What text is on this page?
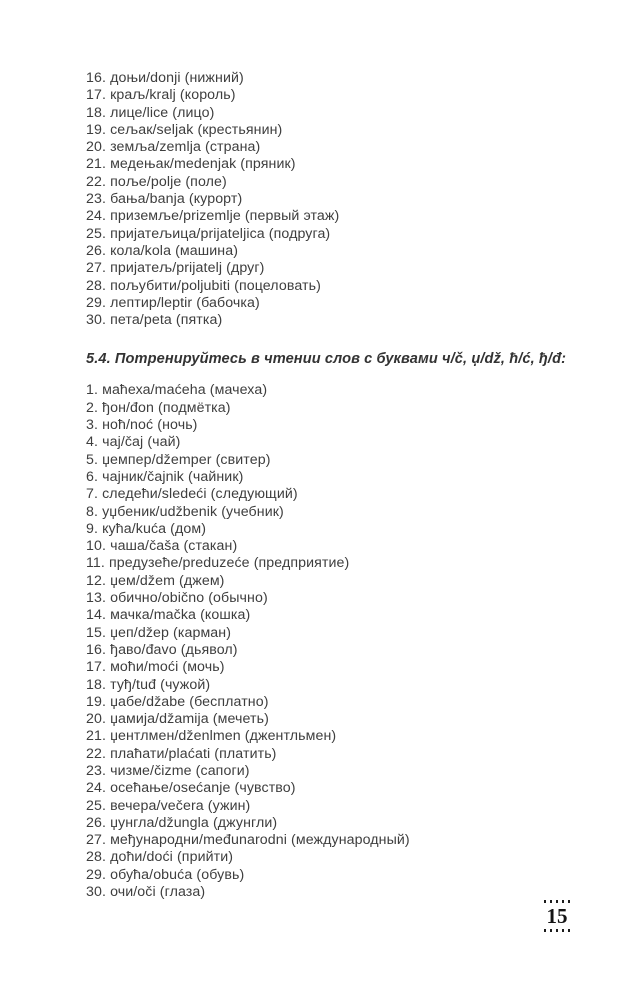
16. доњи/donji (нижний)
17. краљ/kralj (король)
18. лице/lice (лицо)
19. сељак/seljak (крестьянин)
20. земља/zemlja (страна)
21. медењак/medenjak (пряник)
22. поље/polje (поле)
23. бања/banja (курорт)
24. приземље/prizemlje (первый этаж)
25. пријатељица/prijateljica (подруга)
26. кола/kola (машина)
27. пријатељ/prijatelj (друг)
28. пољубити/poljubiti (поцеловать)
29. лептир/leptir (бабочка)
30. пета/peta (пятка)
5.4. Потренируйтесь в чтении слов с буквами ч/č, џ/dž, ћ/ć, ђ/đ:
1. маћеха/maćeha (мачеха)
2. ђон/đon (подмётка)
3. ноћ/noć (ночь)
4. чај/čaj (чай)
5. џемпер/džemper (свитер)
6. чајник/čajnik (чайник)
7. следећи/sledeći (следующий)
8. уџбеник/udžbenik (учебник)
9. кућа/kuća (дом)
10. чаша/čaša (стакан)
11. предузеће/preduzeće (предприятие)
12. џем/džem (джем)
13. обично/obično (обычно)
14. мачка/mačka (кошка)
15. џеп/džep (карман)
16. ђаво/đavo (дьявол)
17. моћи/moći (мочь)
18. туђ/tuđ (чужой)
19. џабе/džabe (бесплатно)
20. џамија/džamija (мечеть)
21. џентлмен/dženlmen (джентльмен)
22. плаћати/plaćati (платить)
23. чизме/čizme (сапоги)
24. осећање/osećanje (чувство)
25. вечера/večera (ужин)
26. џунгла/džungla (джунгли)
27. међународни/međunarodni (международный)
28. доћи/doći (прийти)
29. обућа/obuća (обувь)
30. очи/oči (глаза)
15
